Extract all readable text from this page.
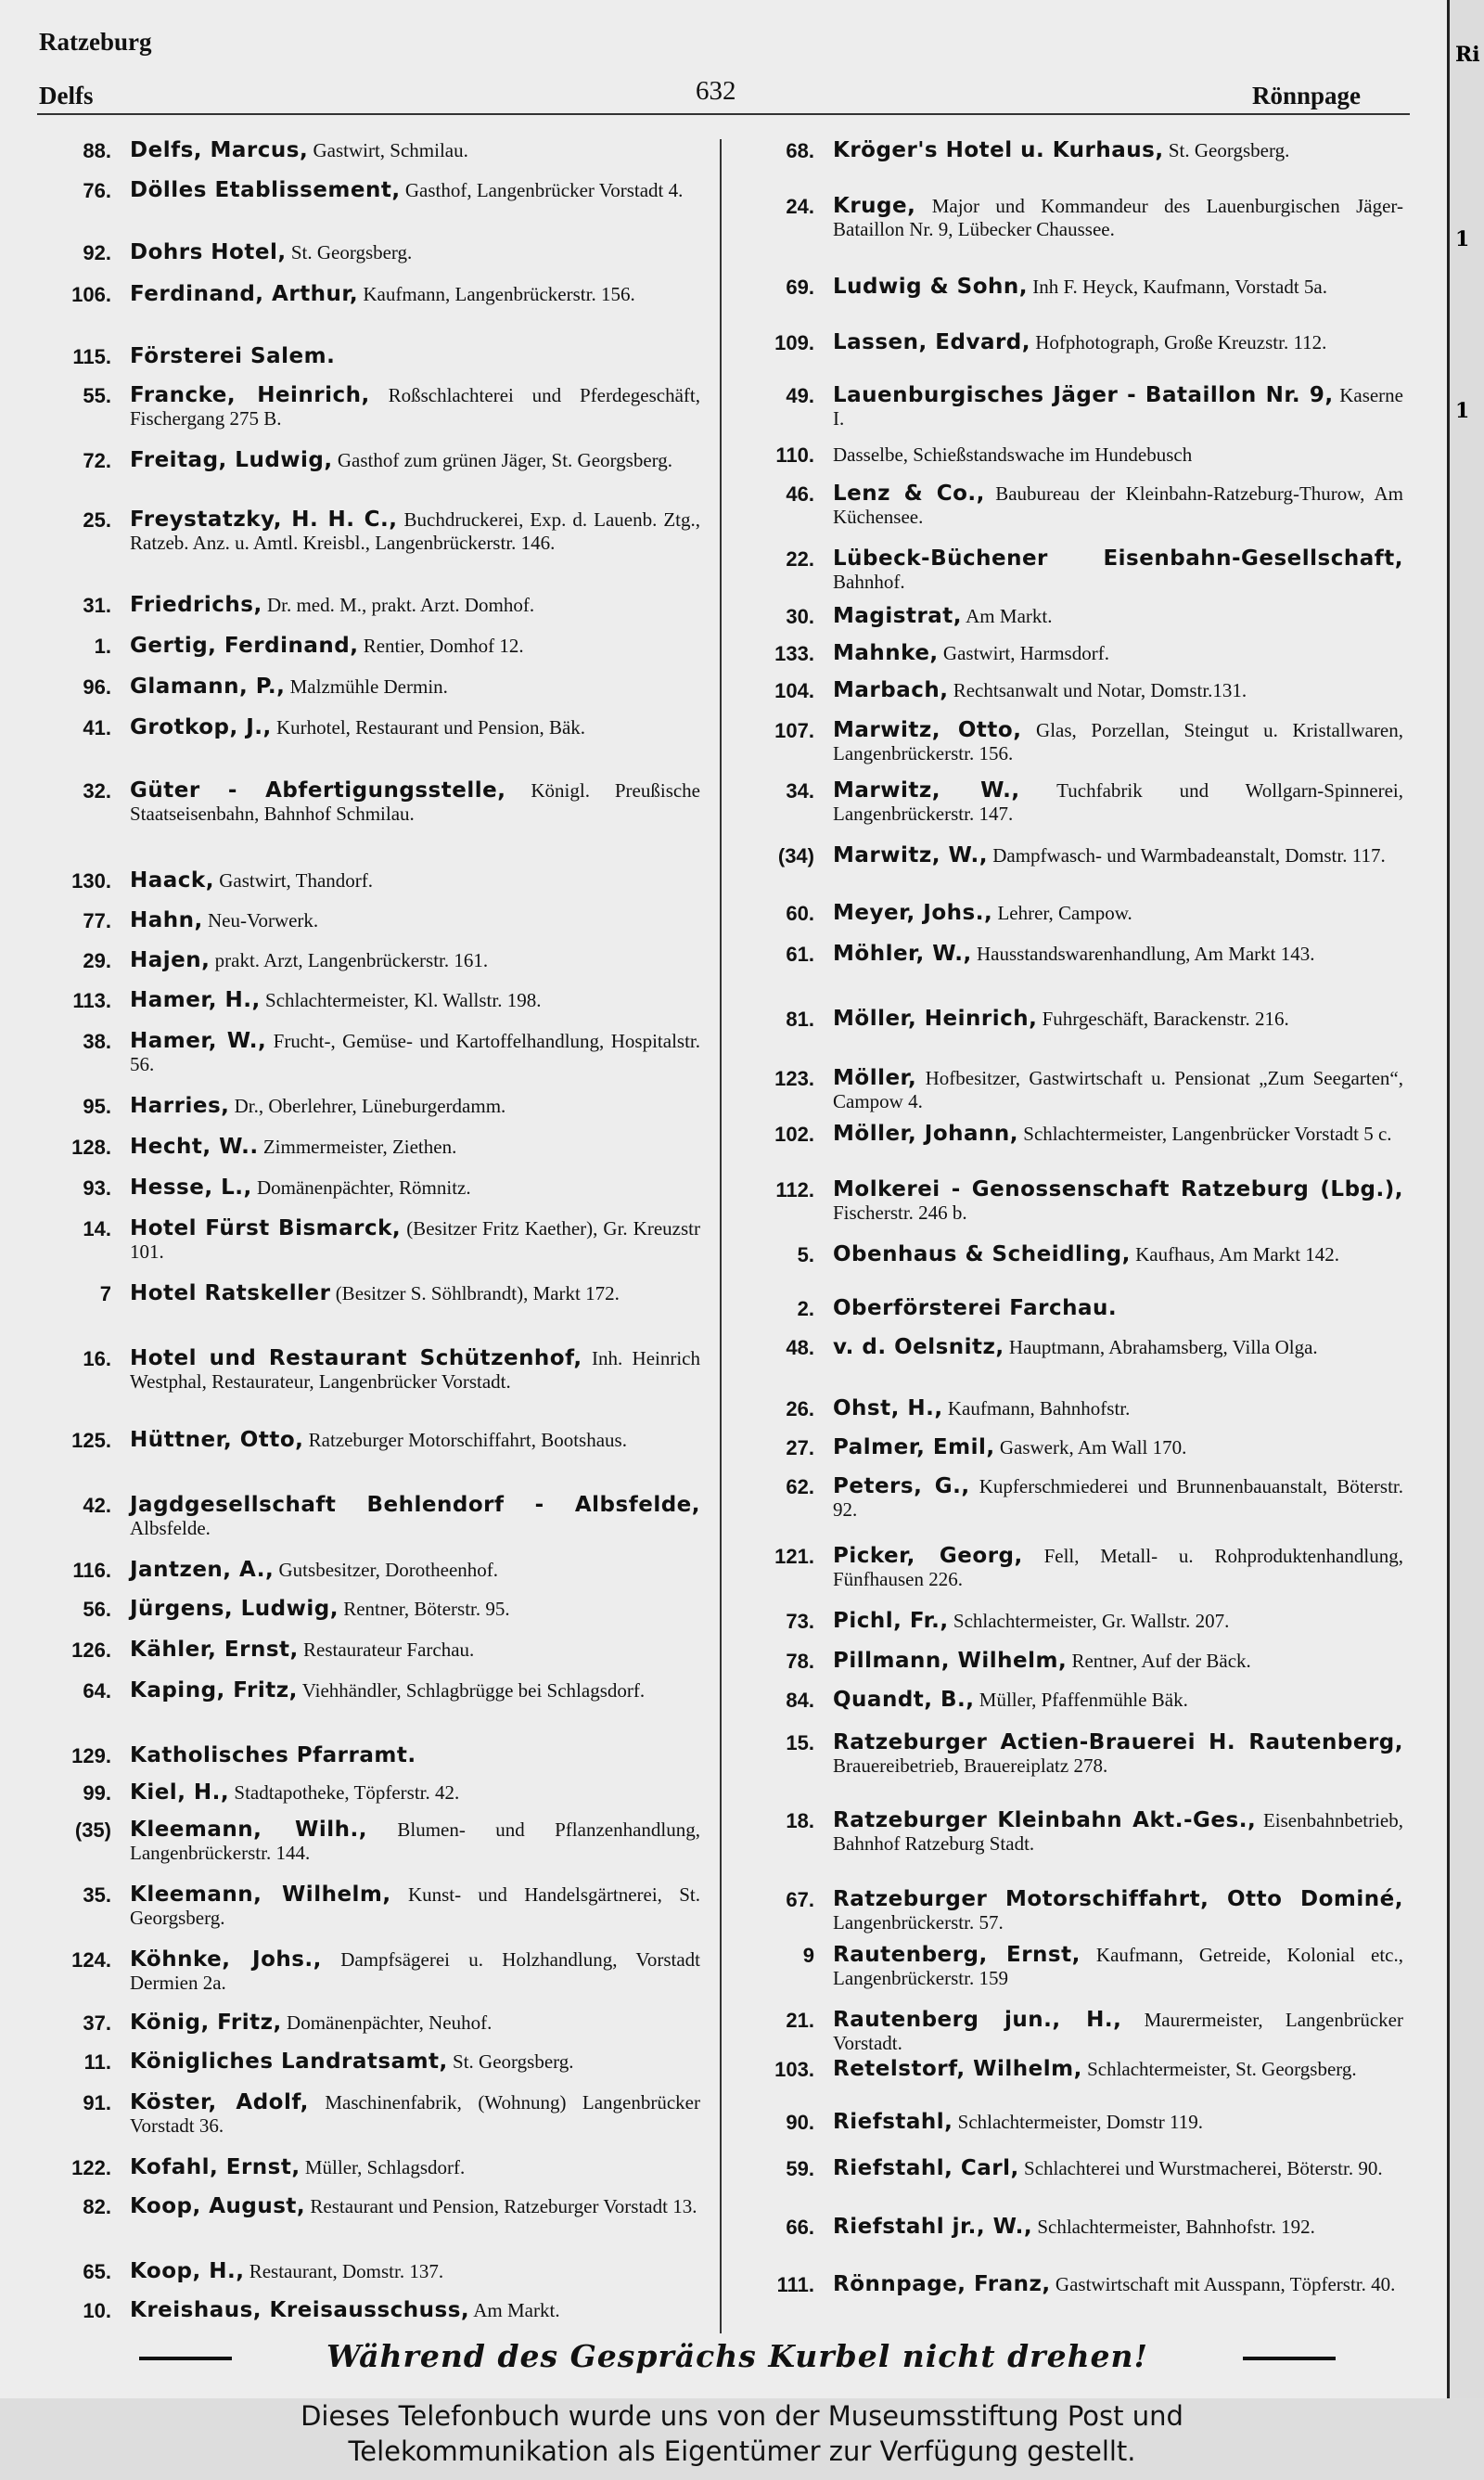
Ratzeburg
Delfs	632	Rönnpage
88. Delfs, Marcus, Gastwirt, Schmilau.
76. Dölles Etablissement, Gasthof, Langenbrücker Vorstadt 4.
92. Dohrs Hotel, St. Georgsberg.
106. Ferdinand, Arthur, Kaufmann, Langenbrückerstr. 156.
115. Försterei Salem.
55. Francke, Heinrich, Roßschlachterei und Pferdegeschäft, Fischergang 275 B.
72. Freitag, Ludwig, Gasthof zum grünen Jäger, St. Georgsberg.
25. Freystatzky, H. H. C., Buchdruckerei, Exp. d. Lauenb. Ztg., Ratzeb. Anz. u. Amtl. Kreisbl., Langenbrückerstr. 146.
31. Friedrichs, Dr. med. M., prakt. Arzt. Domhof.
1. Gertig, Ferdinand, Rentier, Domhof 12.
96. Glamann, P., Malzmühle Dermin.
41. Grotkop, J., Kurhotel, Restaurant und Pension, Bäk.
32. Güter - Abfertigungsstelle, Königl. Preußische Staatseisenbahn, Bahnhof Schmilau.
130. Haack, Gastwirt, Thandorf.
77. Hahn, Neu-Vorwerk.
29. Hajen, prakt. Arzt, Langenbrückerstr. 161.
113. Hamer, H., Schlachtermeister, Kl. Wallstr. 198.
38. Hamer, W., Frucht-, Gemüse- und Kartoffelhandlung, Hospitalstr. 56.
95. Harries, Dr., Oberlehrer, Lüneburgerdamm.
128. Hecht, W.. Zimmermeister, Ziethen.
93. Hesse, L., Domänenpächter, Römnitz.
14. Hotel Fürst Bismarck, (Besitzer Fritz Kaether), Gr. Kreuzstr 101.
7 Hotel Ratskeller (Besitzer S. Söhlbrandt), Markt 172.
16. Hotel und Restaurant Schützenhof, Inh. Heinrich Westphal, Restaurateur, Langenbrücker Vorstadt.
125. Hüttner, Otto, Ratzeburger Motorschiffahrt, Bootshaus.
42. Jagdgesellschaft Behlendorf - Albsfelde, Albsfelde.
116. Jantzen, A., Gutsbesitzer, Dorotheenhof.
56. Jürgens, Ludwig, Rentner, Böterstr. 95.
126. Kähler, Ernst, Restaurateur Farchau.
64. Kaping, Fritz, Viehhändler, Schlagbrügge bei Schlagsdorf.
129. Katholisches Pfarramt.
99. Kiel, H., Stadtapotheke, Töpferstr. 42.
(35) Kleemann, Wilh., Blumen- und Pflanzenhandlung, Langenbrückerstr. 144.
35. Kleemann, Wilhelm, Kunst- und Handelsgärtnerei, St. Georgsberg.
124. Köhnke, Johs., Dampfsägerei u. Holzhandlung, Vorstadt Dermien 2a.
37. König, Fritz, Domänenpächter, Neuhof.
11. Königliches Landratsamt, St. Georgsberg.
91. Köster, Adolf, Maschinenfabrik, (Wohnung) Langenbrücker Vorstadt 36.
122. Kofahl, Ernst, Müller, Schlagsdorf.
82. Koop, August, Restaurant und Pension, Ratzeburger Vorstadt 13.
65. Koop, H., Restaurant, Domstr. 137.
10. Kreishaus, Kreisausschuss, Am Markt.
68. Kröger's Hotel u. Kurhaus, St. Georgsberg.
24. Kruge, Major und Kommandeur des Lauenburgischen Jäger-Bataillon Nr. 9, Lübecker Chaussee.
69. Ludwig & Sohn, Inh F. Heyck, Kaufmann, Vorstadt 5a.
109. Lassen, Edvard, Hofphotograph, Große Kreuzstr. 112.
49. Lauenburgisches Jäger - Bataillon Nr. 9, Kaserne I.
110. Dasselbe, Schießstandswache im Hundebusch
46. Lenz & Co., Baubureau der Kleinbahn-Ratzeburg-Thurow, Am Küchensee.
22. Lübeck-Büchener Eisenbahn-Gesellschaft, Bahnhof.
30. Magistrat, Am Markt.
133. Mahnke, Gastwirt, Harmsdorf.
104. Marbach, Rechtsanwalt und Notar, Domstr.131.
107. Marwitz, Otto, Glas, Porzellan, Steingut u. Kristallwaren, Langenbrückerstr. 156.
34. Marwitz, W., Tuchfabrik und Wollgarn-Spinnerei, Langenbrückerstr. 147.
(34) Marwitz, W., Dampfwasch- und Warmbadeanstalt, Domstr. 117.
60. Meyer, Johs., Lehrer, Campow.
61. Möhler, W., Hausstandswarenhandlung, Am Markt 143.
81. Möller, Heinrich, Fuhrgeschäft, Barackenstr. 216.
123. Möller, Hofbesitzer, Gastwirtschaft u. Pensionat „Zum Seegarten“, Campow 4.
102. Möller, Johann, Schlachtermeister, Langenbrücker Vorstadt 5 c.
112. Molkerei - Genossenschaft Ratzeburg (Lbg.), Fischerstr. 246 b.
5. Obenhaus & Scheidling, Kaufhaus, Am Markt 142.
2. Oberförsterei Farchau.
48. v. d. Oelsnitz, Hauptmann, Abrahamsberg, Villa Olga.
26. Ohst, H., Kaufmann, Bahnhofstr.
27. Palmer, Emil, Gaswerk, Am Wall 170.
62. Peters, G., Kupferschmiederei und Brunnenbauanstalt, Böterstr. 92.
121. Picker, Georg, Fell, Metall- u. Rohproduktenhandlung, Fünfhausen 226.
73. Pichl, Fr., Schlachtermeister, Gr. Wallstr. 207.
78. Pillmann, Wilhelm, Rentner, Auf der Bäck.
84. Quandt, B., Müller, Pfaffenmühle Bäk.
15. Ratzeburger Actien-Brauerei H. Rautenberg, Brauereibetrieb, Brauereiplatz 278.
18. Ratzeburger Kleinbahn Akt.-Ges., Eisenbahnbetrieb, Bahnhof Ratzeburg Stadt.
67. Ratzeburger Motorschiffahrt, Otto Dominé, Langenbrückerstr. 57.
9 Rautenberg, Ernst, Kaufmann, Getreide, Kolonial etc., Langenbrückerstr. 159
21. Rautenberg jun., H., Maurermeister, Langenbrücker Vorstadt.
103. Retelstorf, Wilhelm, Schlachtermeister, St. Georgsberg.
90. Riefstahl, Schlachtermeister, Domstr 119.
59. Riefstahl, Carl, Schlachterei und Wurstmacherei, Böterstr. 90.
66. Riefstahl jr., W., Schlachtermeister, Bahnhofstr. 192.
111. Rönnpage, Franz, Gastwirtschaft mit Ausspann, Töpferstr. 40.
Während des Gesprächs Kurbel nicht drehen!
Ri
1
1
Dieses Telefonbuch wurde uns von der Museumsstiftung Post und
Telekommunikation als Eigentümer zur Verfügung gestellt.
